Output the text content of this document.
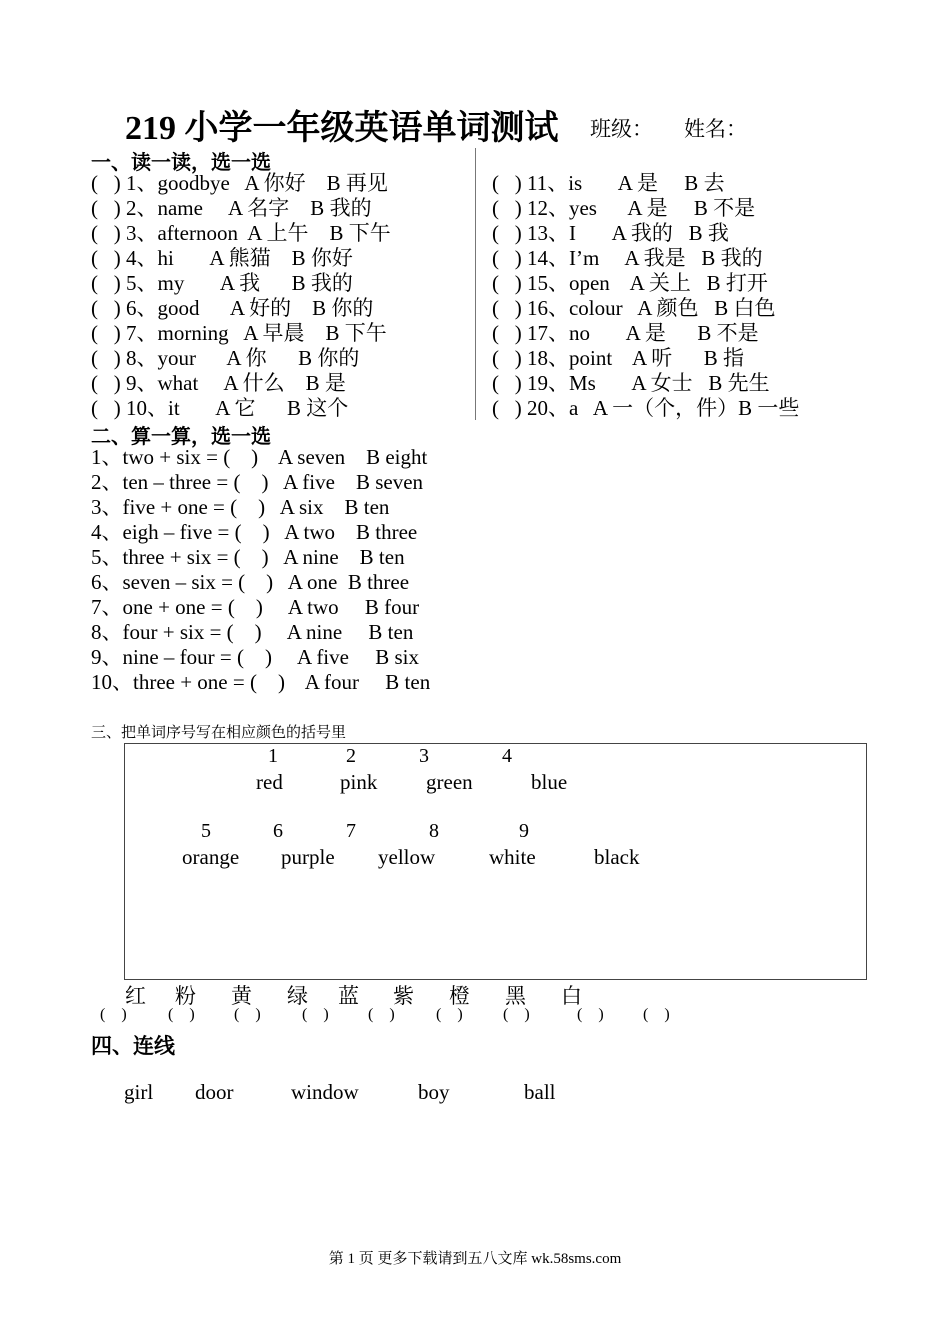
219 小学一年级英语单词测试 班级： 姓名：
一、读一读，选一选
(   ) 1、goodbye   A 你好    B 再见
(   ) 2、name     A 名字    B 我的
(   ) 3、afternoon  A 上午    B 下午
(   ) 4、hi       A 熊猫    B 你好
(   ) 5、my       A 我      B 我的
(   ) 6、good      A 好的    B 你的
(   ) 7、morning   A 早晨    B 下午
(   ) 8、your      A 你      B 你的
(   ) 9、what     A 什么    B 是
(   ) 10、it       A 它      B 这个
(   ) 11、is       A 是     B 去
(   ) 12、yes      A 是     B 不是
(   ) 13、I       A 我的   B 我
(   ) 14、I’m     A 我是   B 我的
(   ) 15、open    A 关上   B 打开
(   ) 16、colour   A 颜色   B 白色
(   ) 17、no       A 是      B 不是
(   ) 18、point    A 听      B 指
(   ) 19、Ms       A 女士   B 先生
(   ) 20、a   A 一（个，件）B 一些
二、算一算，选一选
1、two + six = (    )    A seven    B eight
2、ten – three = (    )   A five    B seven
3、five + one = (    )   A six    B ten
4、eigh – five = (    )   A two    B three
5、three + six = (    )   A nine    B ten
6、seven – six = (    )   A one  B three
7、one + one = (    )     A two     B four
8、four + six = (    )     A nine     B ten
9、nine – four = (    )     A five     B six
10、three + one = (    )    A four     B ten
三、把单词序号写在相应颜色的括号里
1	2	3	4
red	pink green	blue
5	6	7	8	9
orange purple yellow	white	black
红 粉 黄 绿 蓝 紫 橙 黑 白
(    )	(    ) (    )	(    ) (    )	(    )	(    )	(    ) (    )
四、连线
girl door	window	boy	ball
第 1 页 更多下载请到五八文库 wk.58sms.com
